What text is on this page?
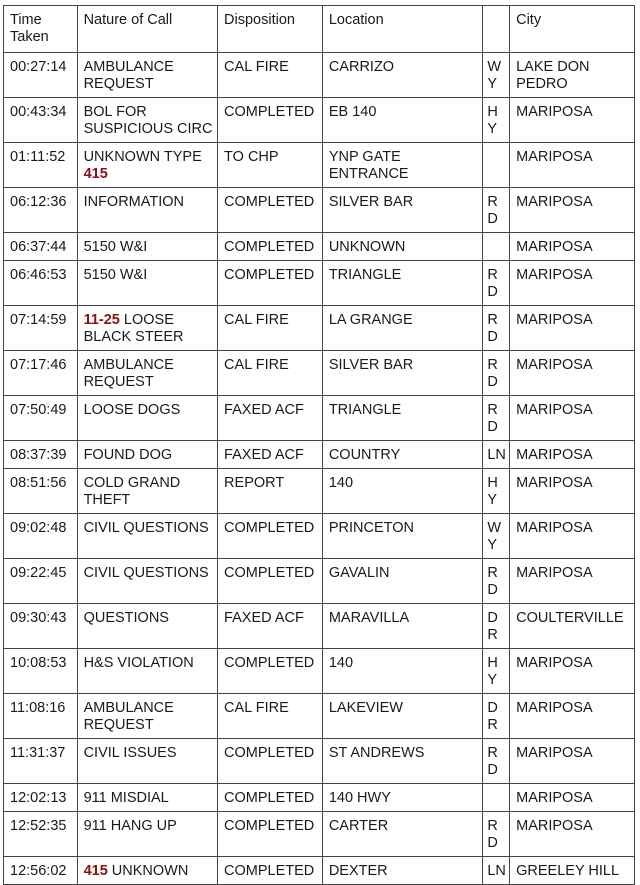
Time Taken	Nature of Call	Disposition	Location		City
00:27:14	AMBULANCE REQUEST	CAL FIRE	CARRIZO	WY	LAKE DON PEDRO
00:43:34	BOL FOR SUSPICIOUS CIRC	COMPLETED	EB 140	HY	MARIPOSA
01:11:52	UNKNOWN TYPE 415	TO CHP	YNP GATE ENTRANCE		MARIPOSA
06:12:36	INFORMATION	COMPLETED	SILVER BAR	RD	MARIPOSA
06:37:44	5150 W&I	COMPLETED	UNKNOWN		MARIPOSA
06:46:53	5150 W&I	COMPLETED	TRIANGLE	RD	MARIPOSA
07:14:59	11-25 LOOSE BLACK STEER	CAL FIRE	LA GRANGE	RD	MARIPOSA
07:17:46	AMBULANCE REQUEST	CAL FIRE	SILVER BAR	RD	MARIPOSA
07:50:49	LOOSE DOGS	FAXED ACF	TRIANGLE	RD	MARIPOSA
08:37:39	FOUND DOG	FAXED ACF	COUNTRY	LN	MARIPOSA
08:51:56	COLD GRAND THEFT	REPORT	140	HY	MARIPOSA
09:02:48	CIVIL QUESTIONS	COMPLETED	PRINCETON	WY	MARIPOSA
09:22:45	CIVIL QUESTIONS	COMPLETED	GAVALIN	RD	MARIPOSA
09:30:43	QUESTIONS	FAXED ACF	MARAVILLA	DR	COULTERVILLE
10:08:53	H&S VIOLATION	COMPLETED	140	HY	MARIPOSA
11:08:16	AMBULANCE REQUEST	CAL FIRE	LAKEVIEW	DR	MARIPOSA
11:31:37	CIVIL ISSUES	COMPLETED	ST ANDREWS	RD	MARIPOSA
12:02:13	911 MISDIAL	COMPLETED	140 HWY		MARIPOSA
12:52:35	911 HANG UP	COMPLETED	CARTER	RD	MARIPOSA
12:56:02	415 UNKNOWN	COMPLETED	DEXTER	LN	GREELEY HILL
